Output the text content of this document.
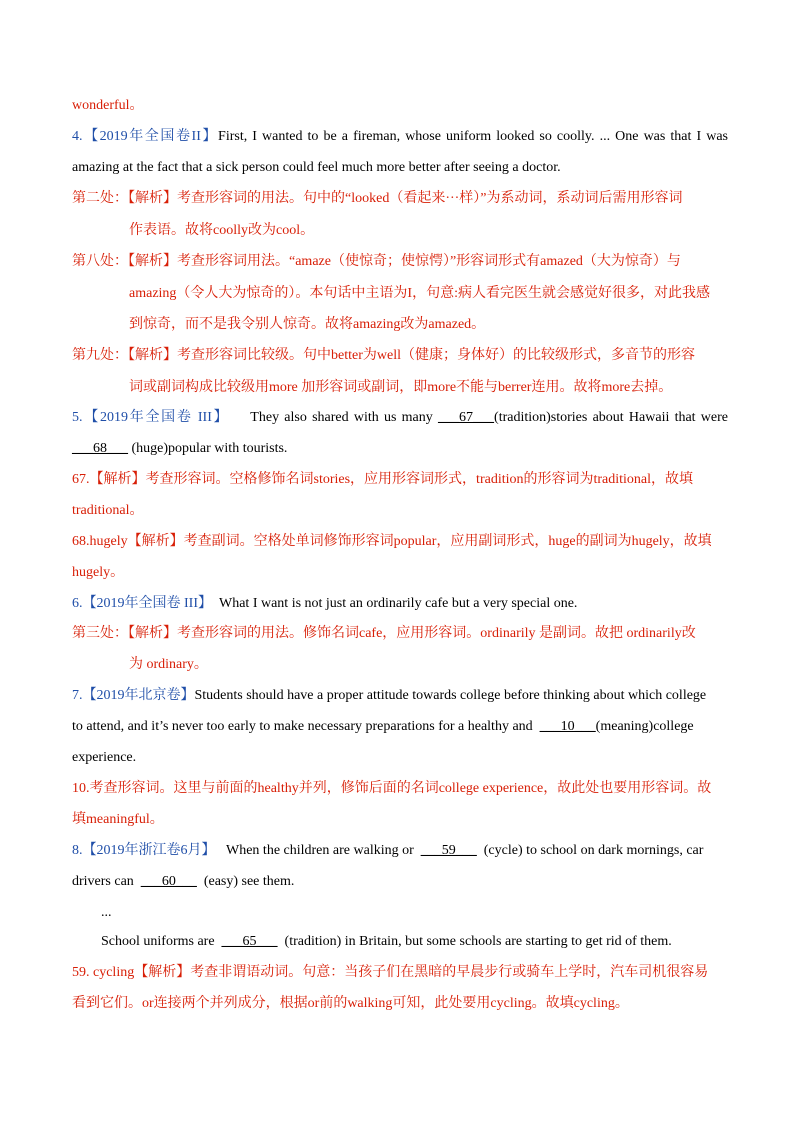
wonderful。
4.【2019年全国卷II】First, I wanted to be a fireman, whose uniform looked so coolly. ... One was that I was
amazing at the fact that a sick person could feel much more better after seeing a doctor.
第二处：【解析】考查形容词的用法。句中的“looked（看起来···样）”为系动词，系动词后需用形容词
作表语。故将coolly改为cool。
第八处：【解析】考查形容词用法。“amaze（使惊奇；使惊愕）”形容词形式有amazed（大为惊奇）与
amazing（令人大为惊奇的）。本句话中主语为I，句意:病人看完医生就会感觉好很多，对此我感
到惊奇，而不是我令别人惊奇。故将amazing改为amazed。
第九处：【解析】考查形容词比较级。句中better为well（健康；身体好）的比较级形式，多音节的形容
词或副词构成比较级用more 加形容词或副词，即more不能与berrer连用。故将more去掉。
5.【2019年全国卷 III】 They also shared with us many ___67___(tradition)stories about Hawaii that were
___68___ (huge)popular with tourists.
67.【解析】考查形容词。空格修饰名词stories，应用形容词形式，tradition的形容词为traditional，故填
traditional。
68.hugely【解析】考查副词。空格处单词修饰形容词popular，应用副词形式，huge的副词为hugely，故填
hugely。
6.【2019年全国卷 III】 What I want is not just an ordinarily cafe but a very special one.
第三处：【解析】考查形容词的用法。修饰名词cafe，应用形容词。ordinarily 是副词。故把 ordinarily改
为 ordinary。
7.【2019年北京卷】Students should have a proper attitude towards college before thinking about which college
to attend, and it’s never too early to make necessary preparations for a healthy and ___10___(meaning)college
experience.
10.考查形容词。这里与前面的healthy并列，修饰后面的名词college experience，故此处也要用形容词。故
填meaningful。
8.【2019年浙江卷6月】 When the children are walking or ___59___ (cycle) to school on dark mornings, car
drivers can ___60___ (easy) see them.
...
School uniforms are ___65___ (tradition) in Britain, but some schools are starting to get rid of them.
59. cycling【解析】考查非谓语动词。句意：当孩子们在黑暗的早晨步行或骑车上学时，汽车司机很容易
看到它们。or连接两个并列成分，根据or前的walking可知，此处要用cycling。故填cycling。
